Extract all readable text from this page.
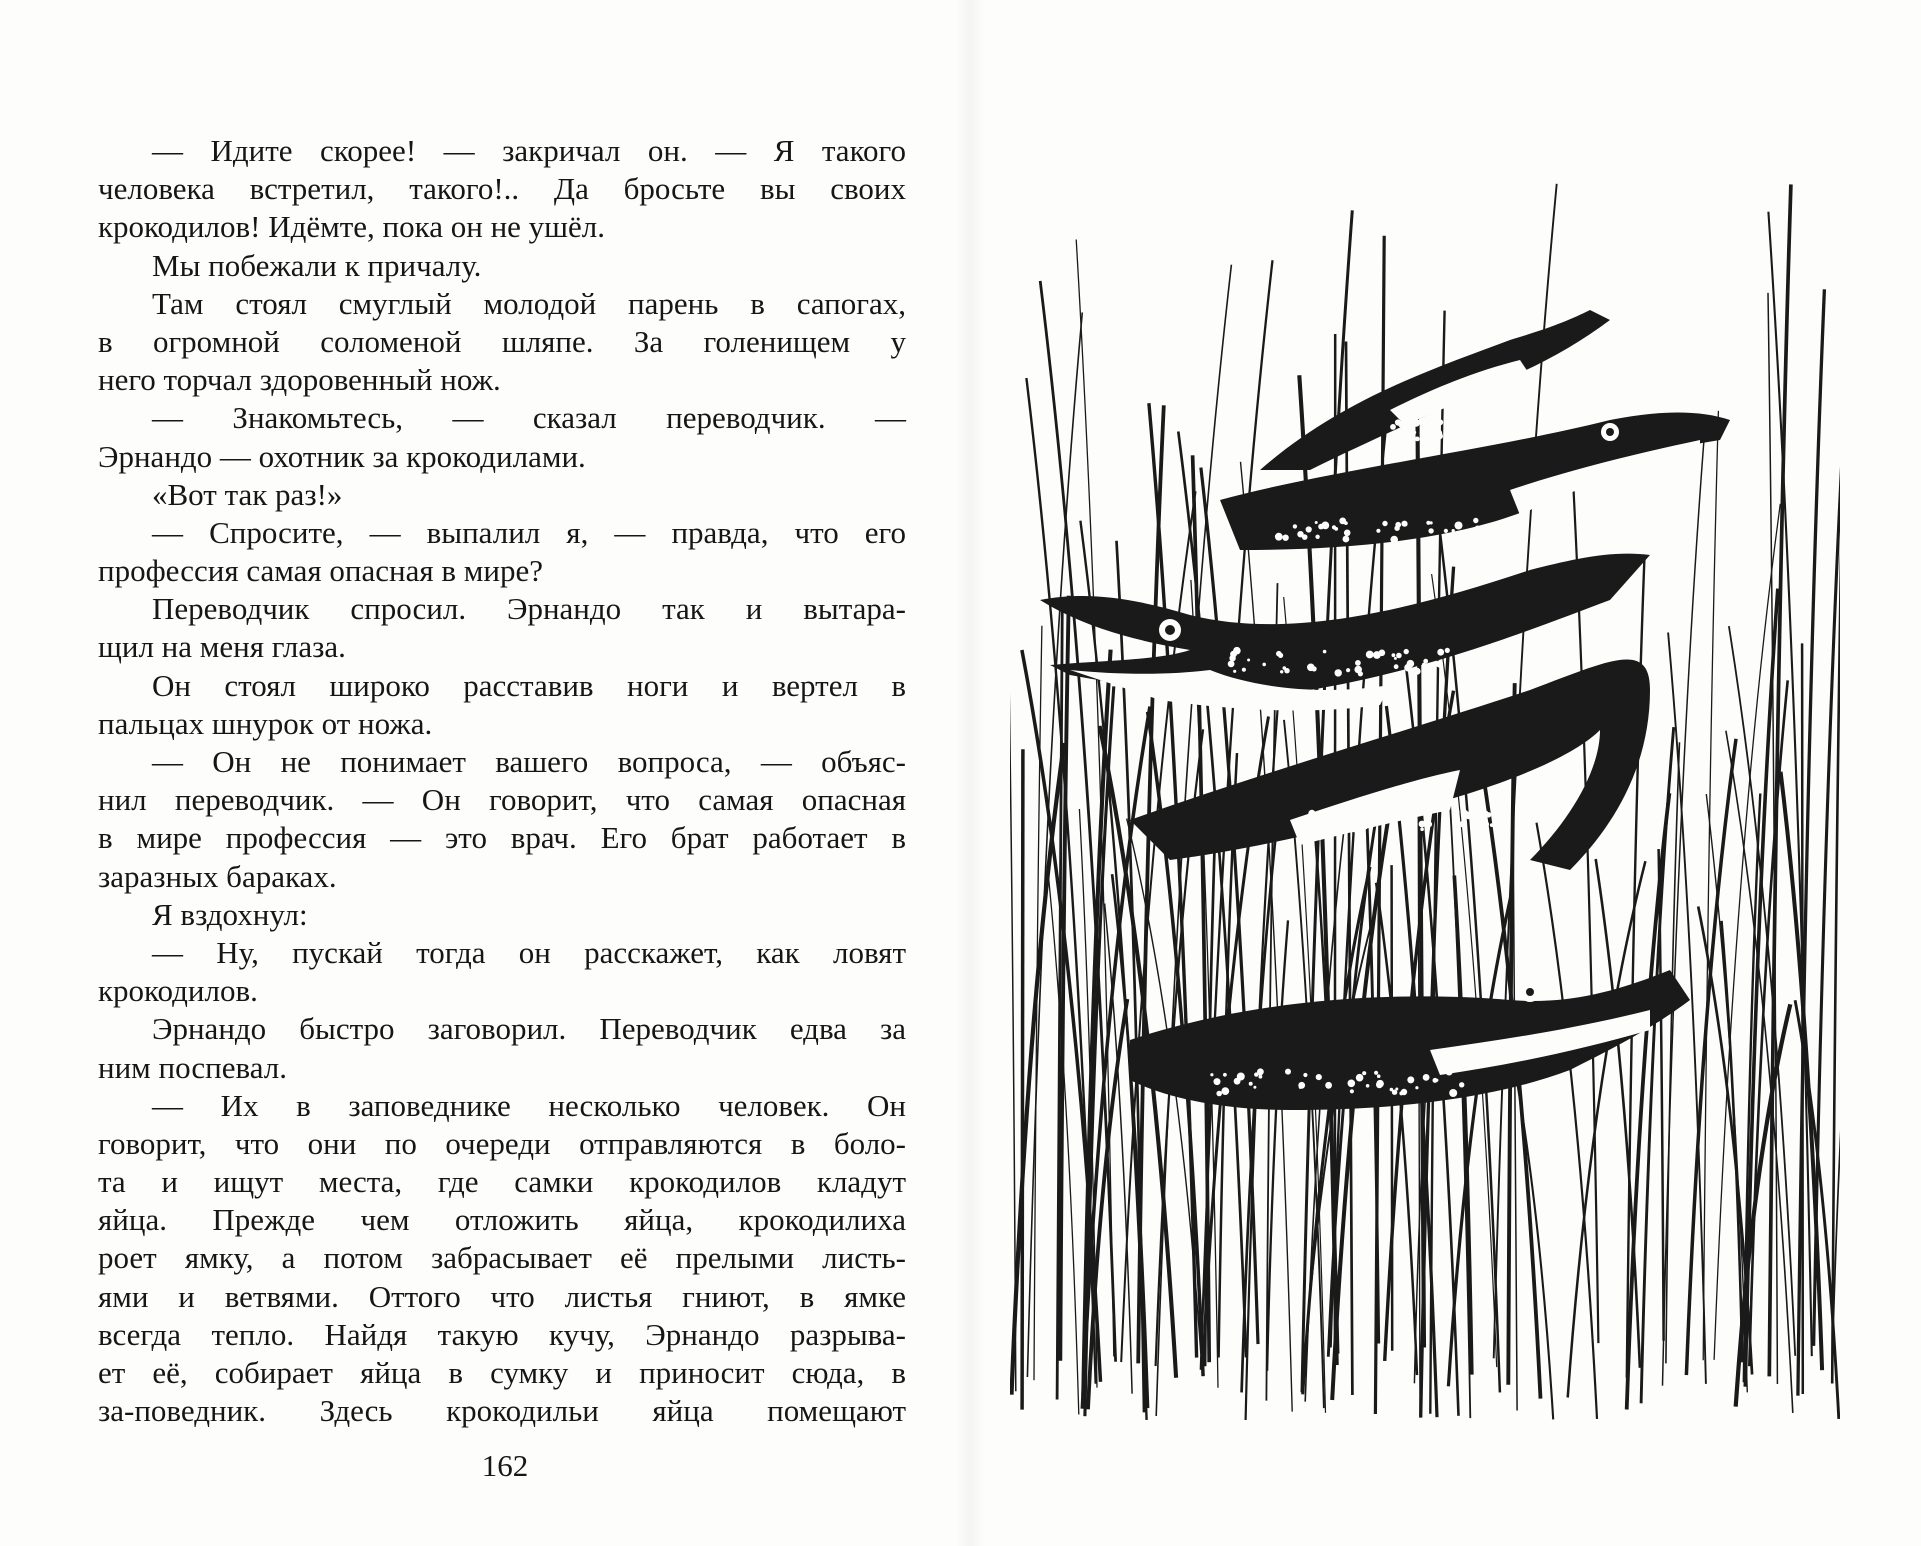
— Идите скорее! — закричал он. — Я такого
человека встретил, такого!.. Да бросьте вы своих
крокодилов! Идёмте, пока он не ушёл.
Мы побежали к причалу.
Там стоял смуглый молодой парень в сапогах,
в огромной соломеной шляпе. За голенищем у
него торчал здоровенный нож.
— Знакомьтесь, — сказал переводчик. —
Эрнандо — охотник за крокодилами.
«Вот так раз!»
— Спросите, — выпалил я, — правда, что его
профессия самая опасная в мире?
Переводчик спросил. Эрнандо так и вытара-
щил на меня глаза.
Он стоял широко расставив ноги и вертел в
пальцах шнурок от ножа.
— Он не понимает вашего вопроса, — объяс-
нил переводчик. — Он говорит, что самая опасная
в мире профессия — это врач. Его брат работает в
заразных бараках.
Я вздохнул:
— Ну, пускай тогда он расскажет, как ловят
крокодилов.
Эрнандо быстро заговорил. Переводчик едва за
ним поспевал.
— Их в заповеднике несколько человек. Он
говорит, что они по очереди отправляются в боло-
та и ищут места, где самки крокодилов кладут
яйца. Прежде чем отложить яйца, крокодилиха
роет ямку, а потом забрасывает её прелыми листь-
ями и ветвями. Оттого что листья гниют, в ямке
всегда тепло. Найдя такую кучу, Эрнандо разрыва-
ет её, собирает яйца в сумку и приносит сюда, в
за-поведник. Здесь крокодильи яйца помещают
162
